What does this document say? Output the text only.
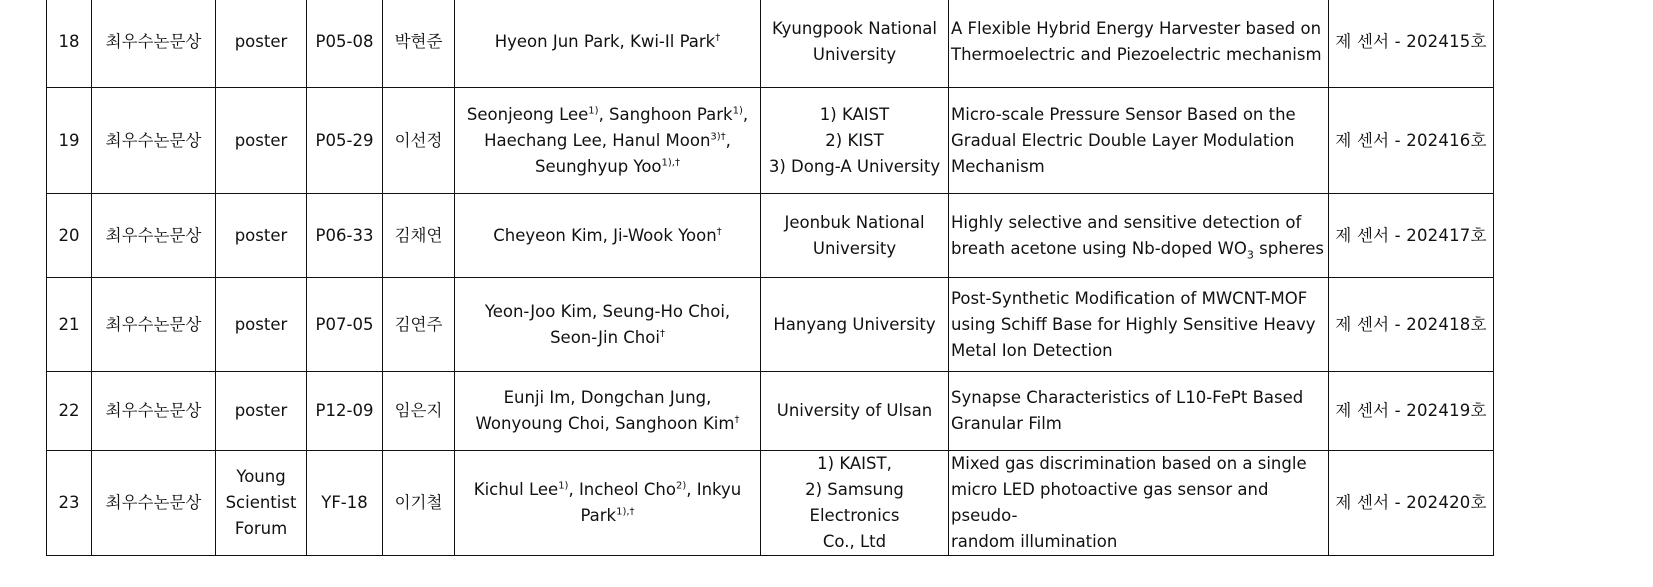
18	최우수논문상	poster	P05-08	박현준	Hyeon Jun Park, Kwi-Il Park†	Kyungpook National
University	A Flexible Hybrid Energy Harvester based on
Thermoelectric and Piezoelectric mechanism	제 센서 - 202415호
19	최우수논문상	poster	P05-29	이선정	Seonjeong Lee$^{1)}$, Sanghoon Park$^{1)}$,
Haechang Lee, Hanul Moon$^{3)\dagger}$,
Seunghyup Yoo$^{1),\dagger}$	1) KAIST
2) KIST
3) Dong-A University	Micro-scale Pressure Sensor Based on the
Gradual Electric Double Layer Modulation
Mechanism	제 센서 - 202416호
20	최우수논문상	poster	P06-33	김채연	Cheyeon Kim, Ji-Wook Yoon†	Jeonbuk National
University	Highly selective and sensitive detection of
breath acetone using Nb-doped $WO_3$ spheres	제 센서 - 202417호
21	최우수논문상	poster	P07-05	김연주	Yeon-Joo Kim, Seung-Ho Choi,
Seon-Jin Choi†	Hanyang University	Post-Synthetic Modification of MWCNT-MOF
using Schiff Base for Highly Sensitive Heavy
Metal Ion Detection	제 센서 - 202418호
22	최우수논문상	poster	P12-09	임은지	Eunji Im, Dongchan Jung,
Wonyoung Choi, Sanghoon Kim†	University of Ulsan	Synapse Characteristics of L10-FePt Based
Granular Film	제 센서 - 202419호
23	최우수논문상	Young
Scientist
Forum	YF-18	이기철	Kichul Lee$^{1)}$, Incheol Cho$^{2)}$, Inkyu
Park$^{1),\dagger}$	1) KAIST,
2) Samsung Electronics
Co., Ltd	Mixed gas discrimination based on a single
micro LED photoactive gas sensor and pseudo-
random illumination	제 센서 - 202420호
